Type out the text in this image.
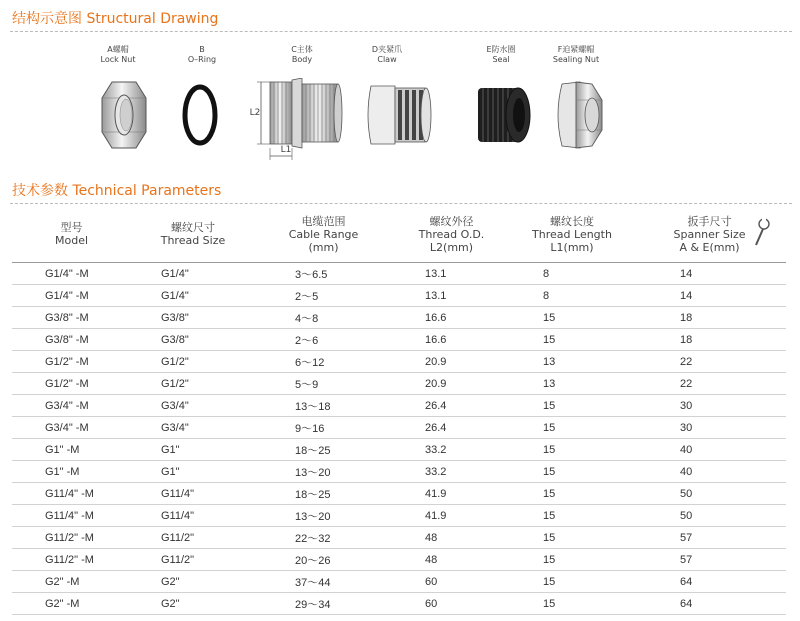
结构示意图 Structural Drawing
A螺帽
Lock Nut
B
O–Ring
C主体
Body
D夹紧爪
Claw
E防水圈
Seal
F迫紧螺帽
Sealing Nut
L2
L1
技术参数 Technical Parameters
型号
Model	螺纹尺寸
Thread Size	电缆范围
Cable Range
(mm)	螺纹外径
Thread O.D.
L2(mm)	螺纹长度
Thread Length
L1(mm)	扳手尺寸
Spanner Size
A & E(mm)

G1/4" -M	G1/4"	3～6.5	13.1	8	14
G1/4" -M	G1/4"	2～5	13.1	8	14
G3/8" -M	G3/8"	4～8	16.6	15	18
G3/8" -M	G3/8"	2～6	16.6	15	18
G1/2" -M	G1/2"	6～12	20.9	13	22
G1/2" -M	G1/2"	5～9	20.9	13	22
G3/4" -M	G3/4"	13～18	26.4	15	30
G3/4" -M	G3/4"	9～16	26.4	15	30
G1" -M	G1"	18～25	33.2	15	40
G1" -M	G1"	13～20	33.2	15	40
G11/4" -M	G11/4"	18～25	41.9	15	50
G11/4" -M	G11/4"	13～20	41.9	15	50
G11/2" -M	G11/2"	22～32	48	15	57
G11/2" -M	G11/2"	20～26	48	15	57
G2" -M	G2"	37～44	60	15	64
G2" -M	G2"	29～34	60	15	64
